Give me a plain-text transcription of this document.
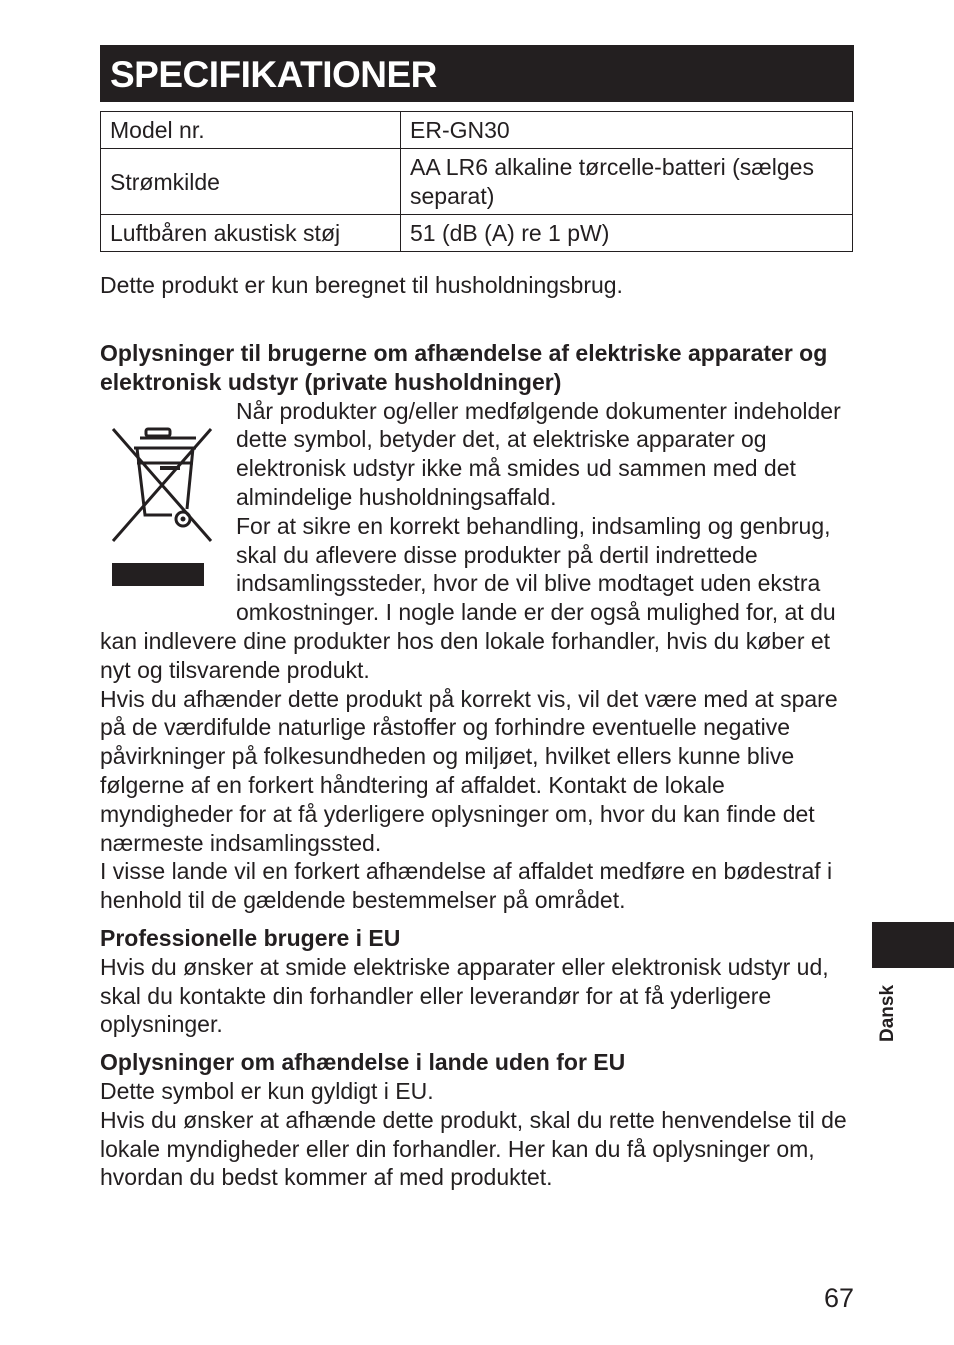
SPECIFIKATIONER
Model nr.	ER-GN30
Strømkilde	AA LR6 alkaline tørcelle-batteri (sælges separat)
Luftbåren akustisk støj	51 (dB (A) re 1 pW)
Dette produkt er kun beregnet til husholdningsbrug.
Oplysninger til brugerne om afhændelse af elektriske apparater og elektronisk udstyr (private husholdninger)

Når produkter og/eller medfølgende dokumenter indeholder dette symbol, betyder det, at elektriske apparater og elektronisk udstyr ikke må smides ud sammen med det almindelige husholdningsaffald.

For at sikre en korrekt behandling, indsamling og genbrug, skal du aflevere disse produkter på dertil indrettede indsamlingssteder, hvor de vil blive modtaget uden ekstra omkostninger. I nogle lande er der også mulighed for, at du kan indlevere dine produkter hos den lokale forhandler, hvis du køber et nyt og tilsvarende produkt.

Hvis du afhænder dette produkt på korrekt vis, vil det være med at spare på de værdifulde naturlige råstoffer og forhindre eventuelle negative påvirkninger på folkesundheden og miljøet, hvilket ellers kunne blive følgerne af en forkert håndtering af affaldet. Kontakt de lokale myndigheder for at få yderligere oplysninger om, hvor du kan finde det nærmeste indsamlingssted.

I visse lande vil en forkert afhændelse af affaldet medføre en bødestraf i henhold til de gældende bestemmelser på området.

Professionelle brugere i EU

Hvis du ønsker at smide elektriske apparater eller elektronisk udstyr ud, skal du kontakte din forhandler eller leverandør for at få yderligere oplysninger.

Oplysninger om afhændelse i lande uden for EU

Dette symbol er kun gyldigt i EU.

Hvis du ønsker at afhænde dette produkt, skal du rette henvendelse til de lokale myndigheder eller din forhandler. Her kan du få oplysninger om, hvordan du bedst kommer af med produktet.

Dansk
67
